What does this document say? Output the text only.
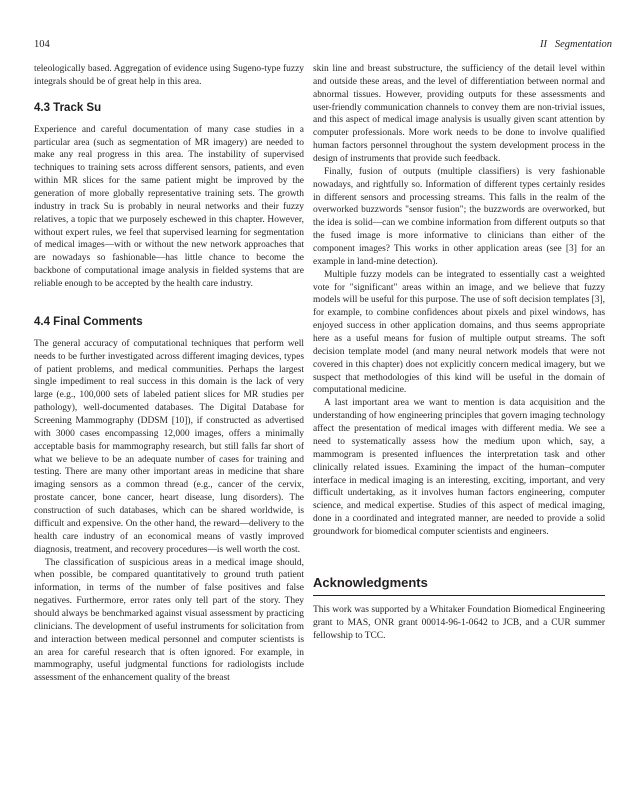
104	II Segmentation

teleologically based. Aggregation of evidence using Sugeno-type fuzzy integrals should be of great help in this area.

4.3 Track Su

Experience and careful documentation of many case studies in a particular area (such as segmentation of MR imagery) are needed to make any real progress in this area. The instability of supervised techniques to training sets across different sensors, patients, and even within MR slices for the same patient might be improved by the generation of more globally representative training sets. The growth industry in track Su is probably in neural networks and their fuzzy relatives, a topic that we purposely eschewed in this chapter. However, without expert rules, we feel that supervised learning for segmentation of medical images—with or without the new network approaches that are nowadays so fashionable—has little chance to become the backbone of computational image analysis in fielded systems that are reliable enough to be accepted by the health care industry.

4.4 Final Comments

The general accuracy of computational techniques that perform well needs to be further investigated across different imaging devices, types of patient problems, and medical communities. Perhaps the largest single impediment to real success in this domain is the lack of very large (e.g., 100,000 sets of labeled patient slices for MR studies per pathology), well-documented databases. The Digital Database for Screening Mammography (DDSM [10]), if constructed as advertised with 3000 cases encompassing 12,000 images, offers a minimally acceptable basis for mammography research, but still falls far short of what we believe to be an adequate number of cases for training and testing. There are many other important areas in medicine that share imaging sensors as a common thread (e.g., cancer of the cervix, prostate cancer, bone cancer, heart disease, lung disorders). The construction of such databases, which can be shared worldwide, is difficult and expensive. On the other hand, the reward—delivery to the health care industry of an economical means of vastly improved diagnosis, treatment, and recovery procedures—is well worth the cost.

The classification of suspicious areas in a medical image should, when possible, be compared quantitatively to ground truth patient information, in terms of the number of false positives and false negatives. Furthermore, error rates only tell part of the story. They should always be benchmarked against visual assessment by practicing clinicians. The development of useful instruments for solicitation from and interaction between medical personnel and computer scientists is an area for careful research that is often ignored. For example, in mammography, useful judgmental functions for radiologists include assessment of the enhancement quality of the breast

skin line and breast substructure, the sufficiency of the detail level within and outside these areas, and the level of differentiation between normal and abnormal tissues. However, providing outputs for these assessments and user-friendly communication channels to convey them are non-trivial issues, and this aspect of medical image analysis is usually given scant attention by computer professionals. More work needs to be done to involve qualified human factors personnel throughout the system development process in the design of instruments that provide such feedback.

Finally, fusion of outputs (multiple classifiers) is very fashionable nowadays, and rightfully so. Information of different types certainly resides in different sensors and processing streams. This falls in the realm of the overworked buzzwords "sensor fusion"; the buzzwords are overworked, but the idea is solid—can we combine information from different outputs so that the fused image is more informative to clinicians than either of the component images? This works in other application areas (see [3] for an example in land-mine detection).

Multiple fuzzy models can be integrated to essentially cast a weighted vote for "significant" areas within an image, and we believe that fuzzy models will be useful for this purpose. The use of soft decision templates [3], for example, to combine confidences about pixels and pixel windows, has enjoyed success in other application domains, and thus seems appropriate here as a useful means for fusion of multiple output streams. The soft decision template model (and many neural network models that were not covered in this chapter) does not explicitly concern medical imagery, but we suspect that methodologies of this kind will be useful in the domain of computational medicine.

A last important area we want to mention is data acquisition and the understanding of how engineering principles that govern imaging technology affect the presentation of medical images with different media. We see a need to systematically assess how the medium upon which, say, a mammogram is presented influences the interpretation task and other clinically related issues. Examining the impact of the human–computer interface in medical imaging is an interesting, exciting, important, and very difficult undertaking, as it involves human factors engineering, computer science, and medical expertise. Studies of this aspect of medical imaging, done in a coordinated and integrated manner, are needed to provide a solid groundwork for biomedical computer scientists and engineers.

Acknowledgments

This work was supported by a Whitaker Foundation Biomedical Engineering grant to MAS, ONR grant 00014-96-1-0642 to JCB, and a CUR summer fellowship to TCC.
